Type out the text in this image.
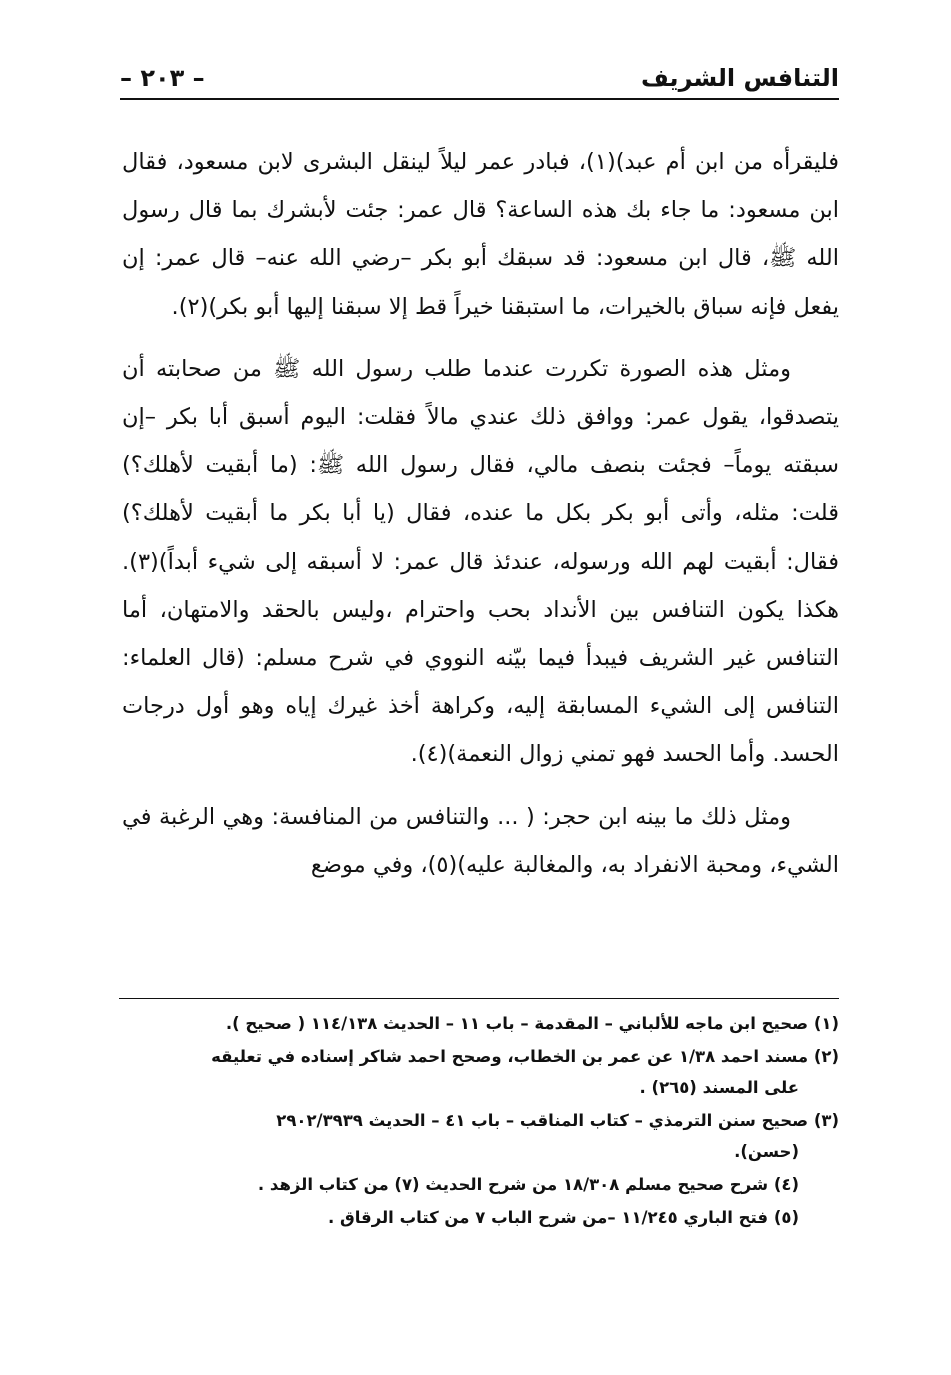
التنافس الشريف
– ٢٠٣ –

فليقرأه من ابن أم عبد)(١)، فبادر عمر ليلاً لينقل البشرى لابن مسعود، فقال ابن مسعود: ما جاء بك هذه الساعة؟ قال عمر: جئت لأبشرك بما قال رسول الله ﷺ، قال ابن مسعود: قد سبقك أبو بكر –رضي الله عنه– قال عمر: إن يفعل فإنه سباق بالخيرات، ما استبقنا خيراً قط إلا سبقنا إليها أبو بكر)(٢).

ومثل هذه الصورة تكررت عندما طلب رسول الله ﷺ من صحابته أن يتصدقوا، يقول عمر: ووافق ذلك عندي مالاً فقلت: اليوم أسبق أبا بكر –إن سبقته يوماً– فجئت بنصف مالي، فقال رسول الله ﷺ: (ما أبقيت لأهلك؟) قلت: مثله، وأتى أبو بكر بكل ما عنده، فقال (يا أبا بكر ما أبقيت لأهلك؟) فقال: أبقيت لهم الله ورسوله، عندئذ قال عمر: لا أسبقه إلى شيء أبداً)(٣). هكذا يكون التنافس بين الأنداد بحب واحترام ،وليس بالحقد والامتهان، أما التنافس غير الشريف فيبدأ فيما بيّنه النووي في شرح مسلم: (قال العلماء: التنافس إلى الشيء المسابقة إليه، وكراهة أخذ غيرك إياه وهو أول درجات الحسد. وأما الحسد فهو تمني زوال النعمة)(٤).

ومثل ذلك ما بينه ابن حجر: ( ... والتنافس من المنافسة: وهي الرغبة في الشيء، ومحبة الانفراد به، والمغالبة عليه)(٥)، وفي موضع

(١) صحيح ابن ماجه للألباني – المقدمة – باب ١١ – الحديث ١١٤/١٣٨ ( صحيح ).
(٢) مسند احمد ١/٣٨ عن عمر بن الخطاب، وصحح احمد شاكر إسناده في تعليقه
على المسند (٢٦٥) .
(٣) صحيح سنن الترمذي – كتاب المناقب – باب ٤١ – الحديث ٢٩٠٢/٣٩٣٩
(حسن).
(٤) شرح صحيح مسلم ١٨/٣٠٨ من شرح الحديث (٧) من كتاب الزهد .
(٥) فتح الباري ١١/٢٤٥ –من شرح الباب ٧ من كتاب الرقاق .
